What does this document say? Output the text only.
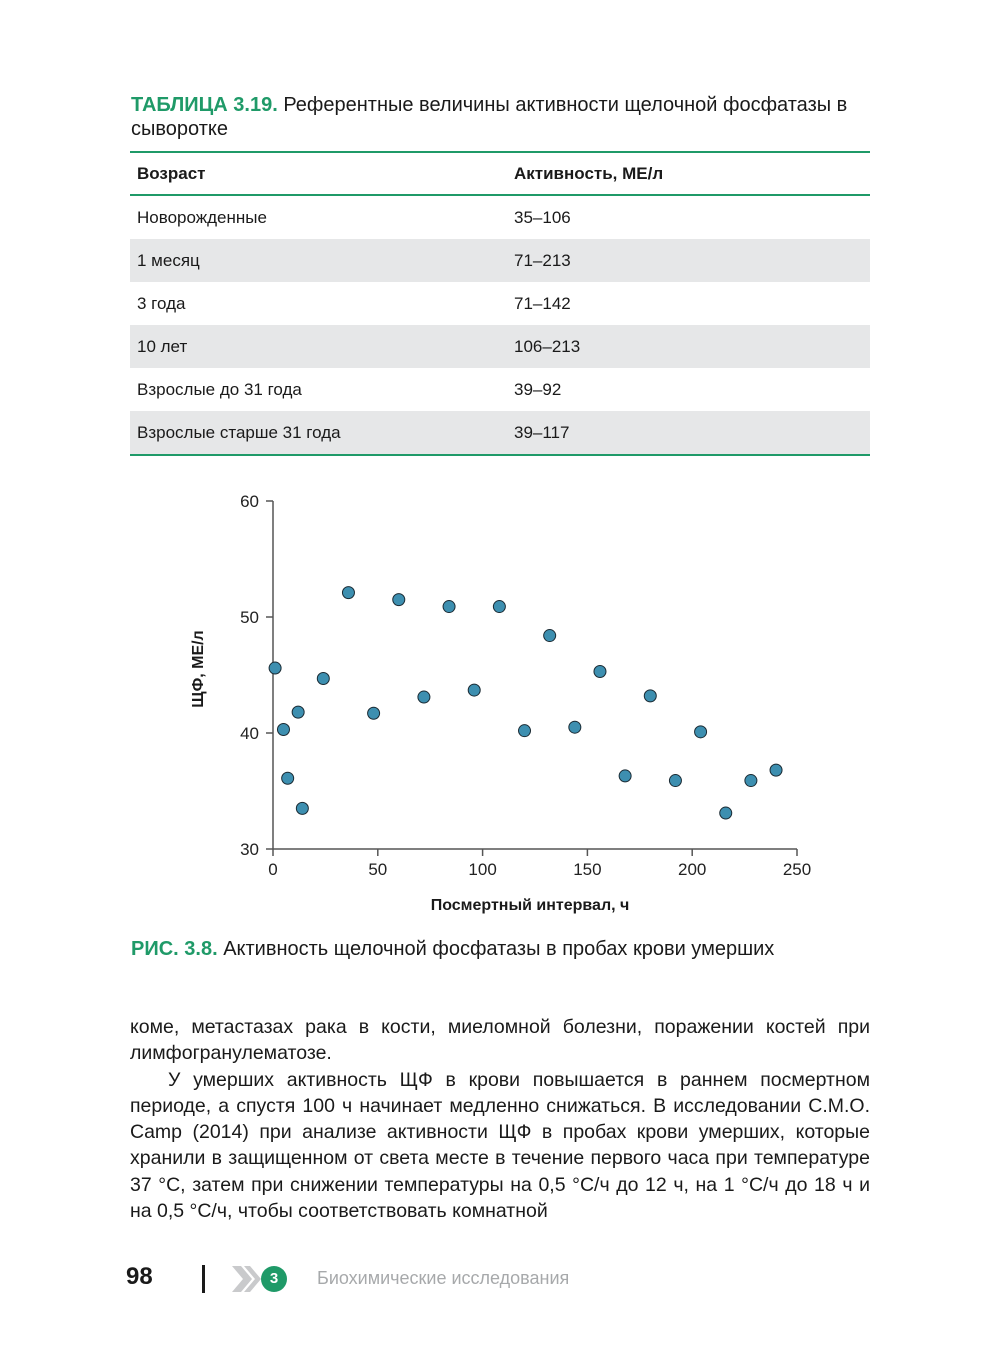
ТАБЛИЦА 3.19. Референтные величины активности щелочной фосфатазы в сыворотке
Возраст	Активность, МЕ/л
Новорожденные	35–106
1 месяц	71–213
3 года	71–142
10 лет	106–213
Взрослые до 31 года	39–92
Взрослые старше 31 года	39–117
30
40
50
60
0	50	100	150	200	250
Посмертный интервал, ч
ЩФ, МЕ/л
РИС. 3.8. Активность щелочной фосфатазы в пробах крови умерших

коме, метастазах рака в кости, миеломной болезни, поражении костей при лимфогранулематозе.

У умерших активность ЩФ в крови повышается в раннем посмертном периоде, а спустя 100 ч начинает медленно снижаться. В исследовании C.M.O. Camp (2014) при анализе активности ЩФ в пробах крови умерших, которые хранили в защищенном от света месте в течение первого часа при температуре 37 °С, затем при снижении температуры на 0,5 °С/ч до 12 ч, на 1 °С/ч до 18 ч и на 0,5 °С/ч, чтобы соответствовать комнатной

98	3	Биохимические исследования
